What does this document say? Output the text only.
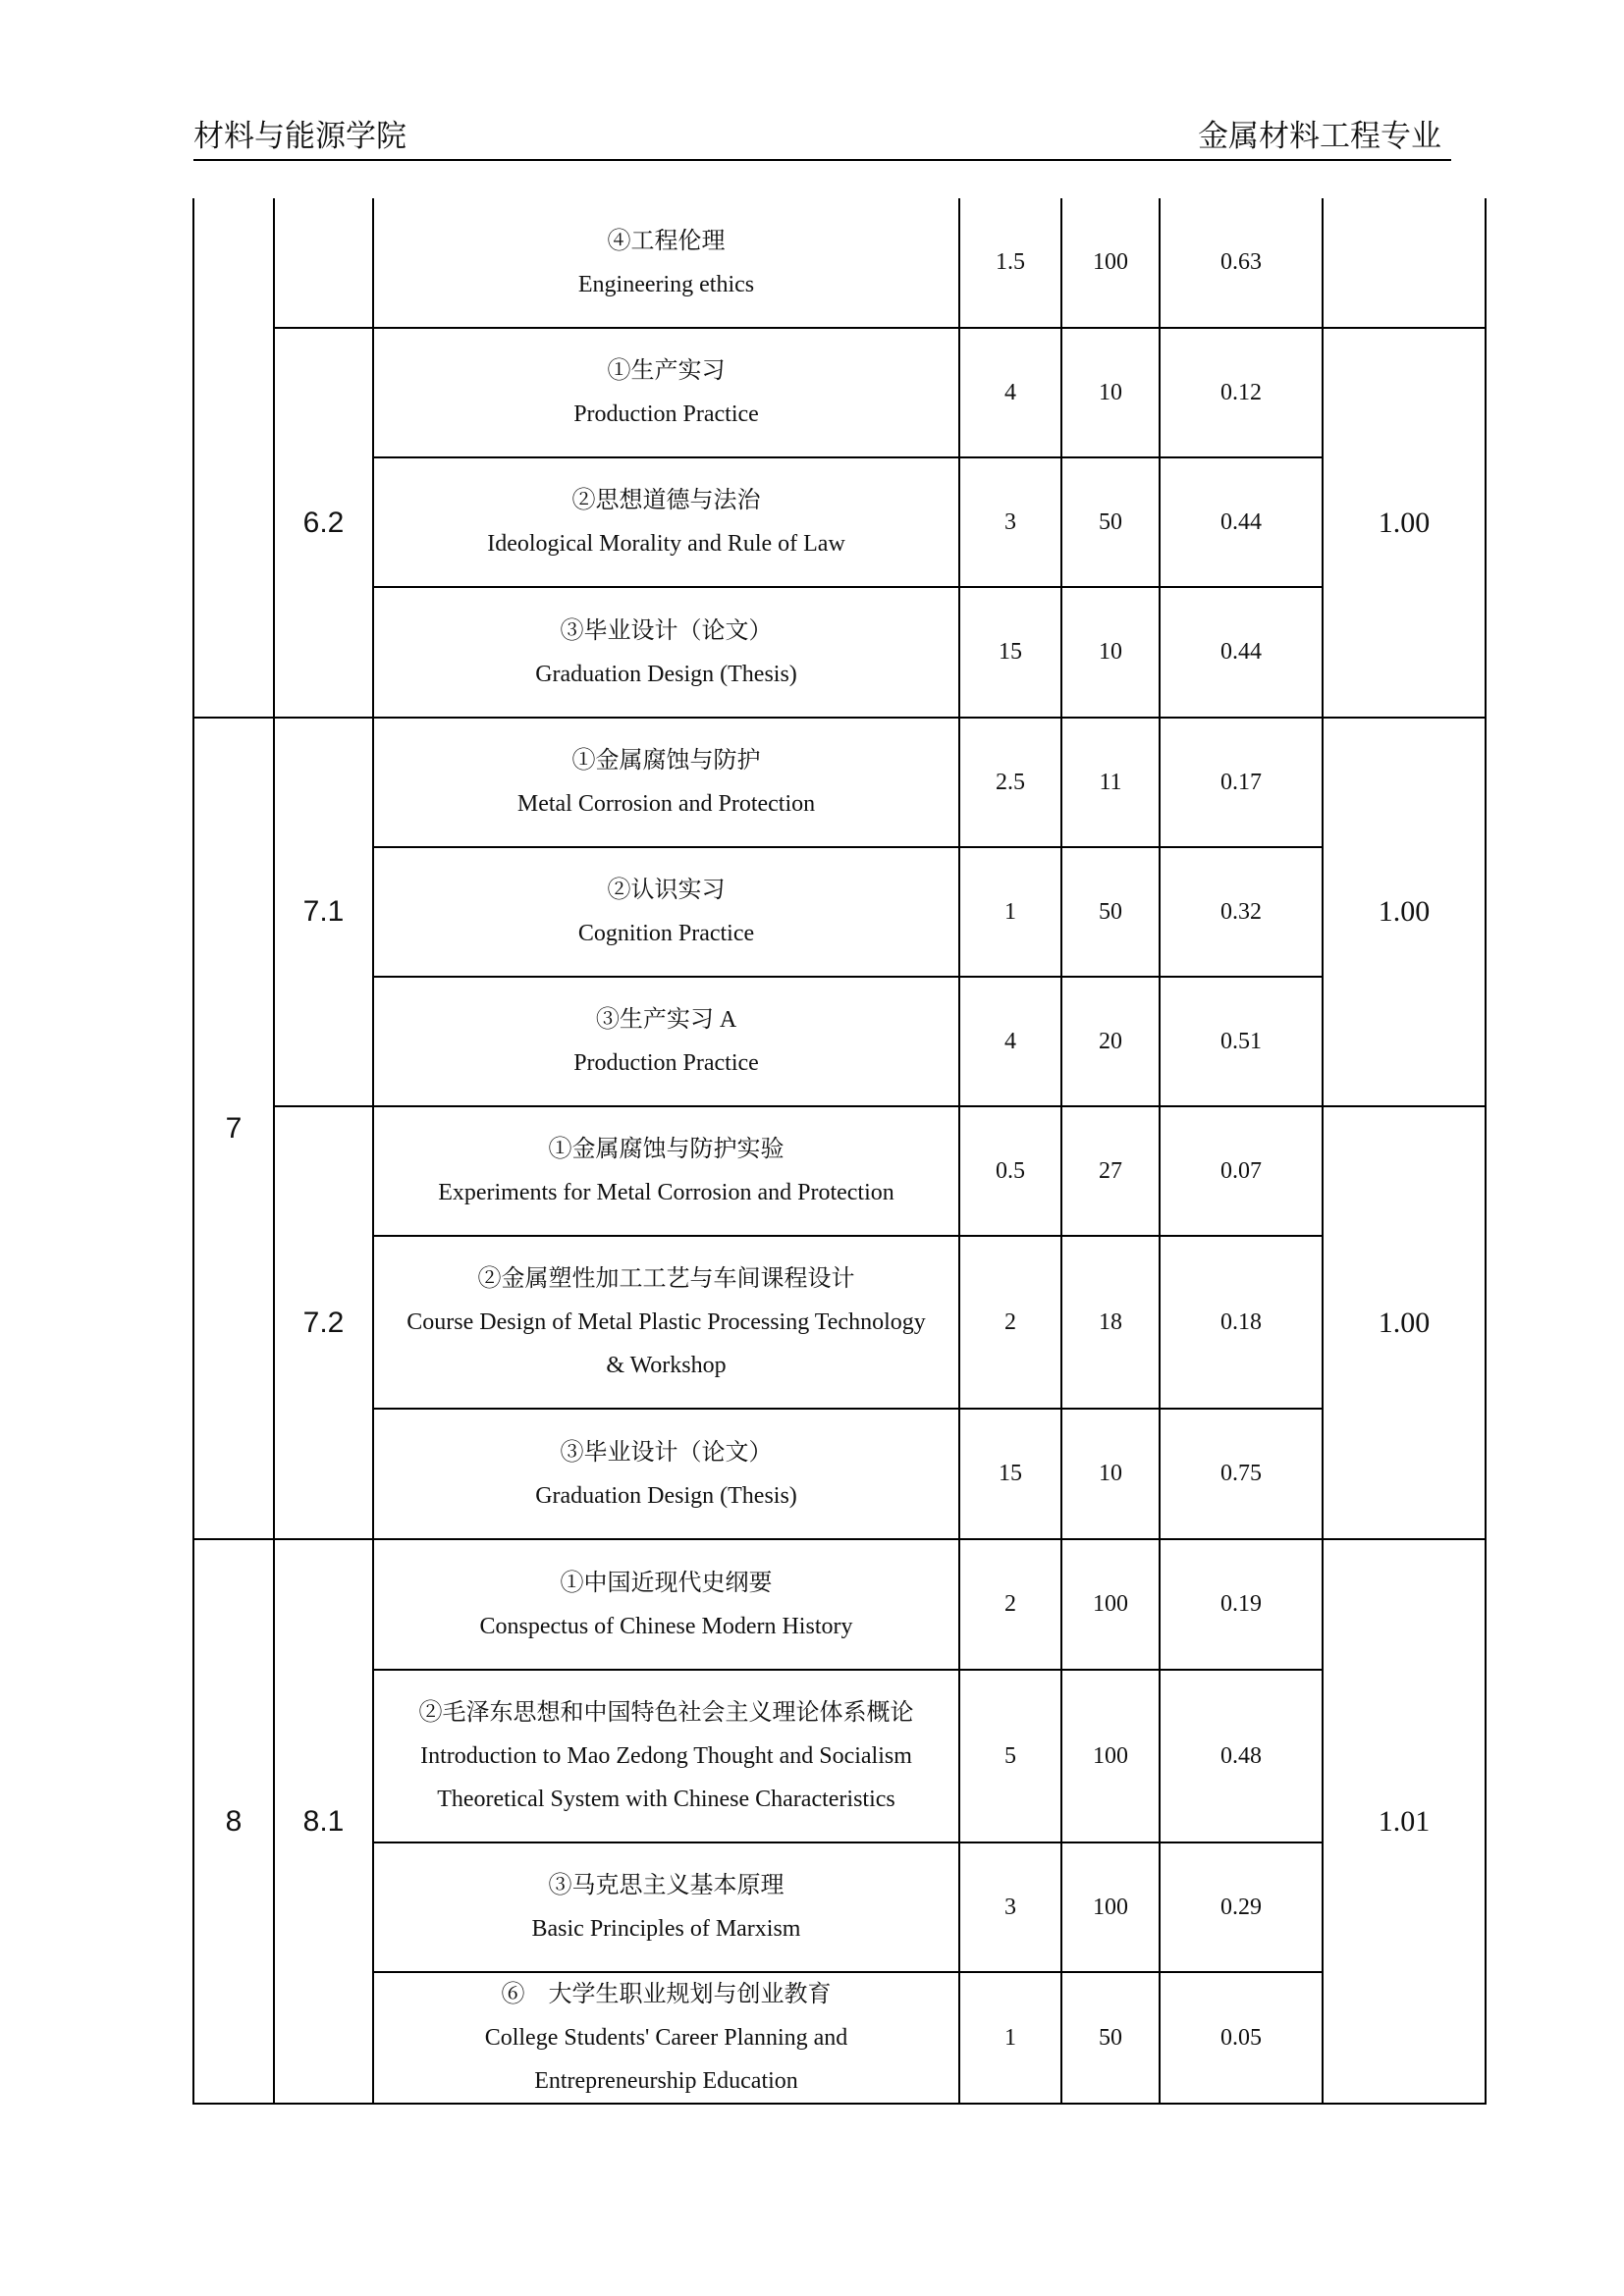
材料与能源学院	金属材料工程专业

		④工程伦理
Engineering ethics	1.5	100	0.63	
	6.2	①生产实习
Production Practice	4	10	0.12	1.00

		②思想道德与法治
Ideological Morality and Rule of Law	3	50	0.44	

		③毕业设计（论文）
Graduation Design (Thesis)	15	10	0.44	
7	7.1	①金属腐蚀与防护
Metal Corrosion and Protection	2.5	11	0.17	1.00

		②认识实习
Cognition Practice	1	50	0.32	

		③生产实习 A
Production Practice	4	20	0.51	
	7.2	①金属腐蚀与防护实验
Experiments for Metal Corrosion and Protection	0.5	27	0.07	1.00

		②金属塑性加工工艺与车间课程设计
Course Design of Metal Plastic Processing Technology
& Workshop	2	18	0.18	

		③毕业设计（论文）
Graduation Design (Thesis)	15	10	0.75	
8	8.1	①中国近现代史纲要
Conspectus of Chinese Modern History	2	100	0.19	1.01

		②毛泽东思想和中国特色社会主义理论体系概论
Introduction to Mao Zedong Thought and Socialism
Theoretical System with Chinese Characteristics	5	100	0.48	

		③马克思主义基本原理
Basic Principles of Marxism	3	100	0.29	

		⑥　大学生职业规划与创业教育
College Students' Career Planning and
Entrepreneurship Education	1	50	0.05	
